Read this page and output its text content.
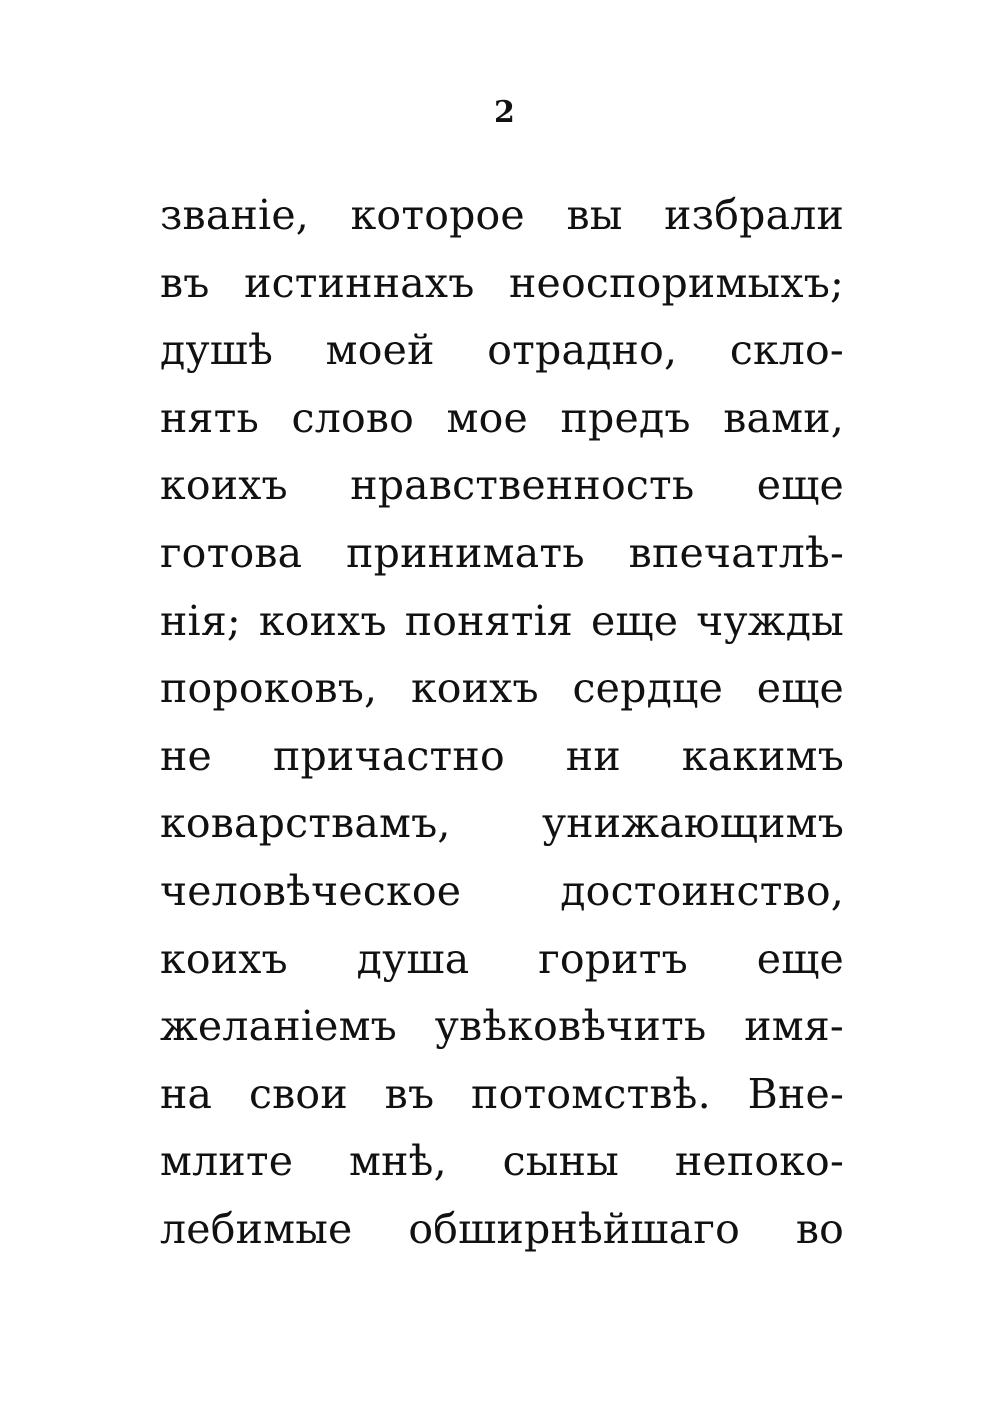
2
званіе, которое вы избрали
въ истиннахъ неоспоримыхъ;
душѣ моей отрадно, скло-
нять слово мое предъ вами,
коихъ нравственность еще
готова принимать впечатлѣ-
нія; коихъ понятія еще чужды
пороковъ, коихъ сердце еще
не причастно ни какимъ
коварствамъ, унижающимъ
человѣческое достоинство,
коихъ душа горитъ еще
желаніемъ увѣковѣчить имя-
на свои въ потомствѣ. Вне-
млите мнѣ, сыны непоко-
лебимые обширнѣйшаго во
